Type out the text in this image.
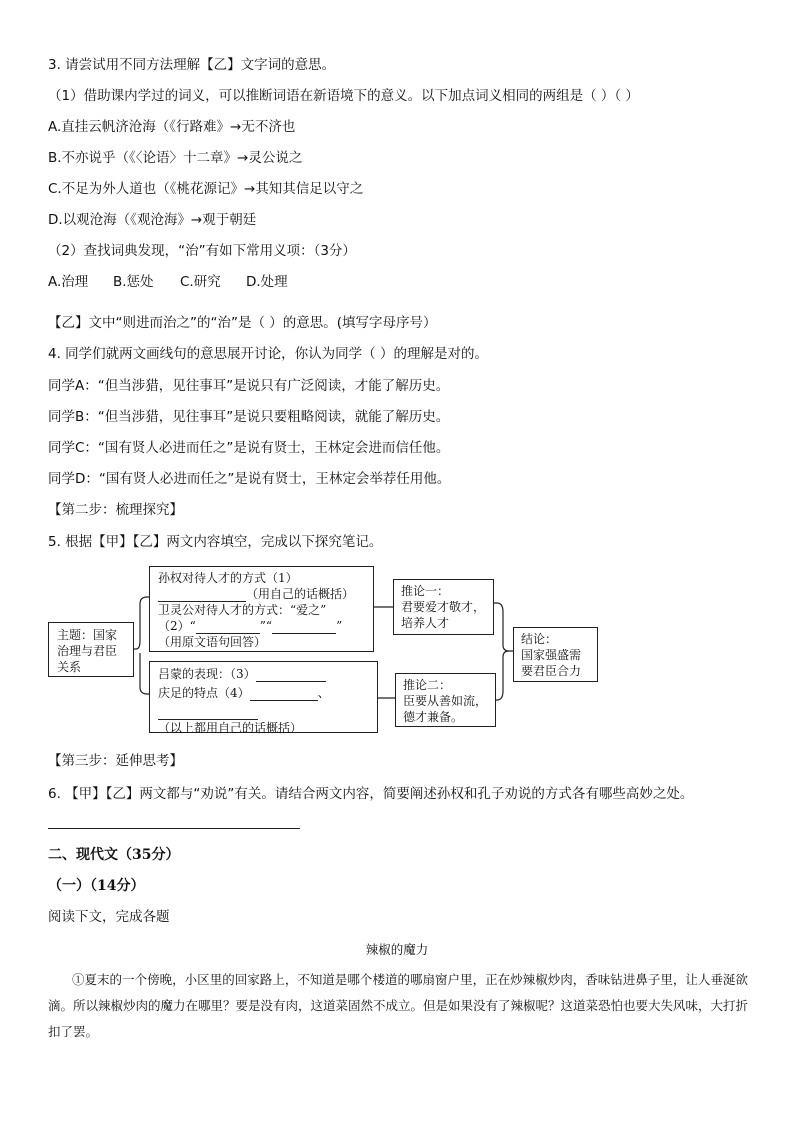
3. 请尝试用不同方法理解【乙】文字词的意思。
（1）借助课内学过的词义，可以推断词语在新语境下的意义。以下加点词义相同的两组是（ ）（ ）
A.直挂云帆济沧海（《行路难》→无不济也
B.不亦说乎（《〈论语〉十二章》→灵公说之
C.不足为外人道也（《桃花源记》→其知其信足以守之
D.以观沧海（《观沧海》→观于朝廷
（2）查找词典发现，“治”有如下常用义项：（3分）
A.治理 B.惩处 C.研究 D.处理
【乙】文中“则进而治之”的“治”是（ ）的意思。(填写字母序号）
4. 同学们就两文画线句的意思展开讨论，你认为同学（ ）的理解是对的。
同学A：“但当涉猎，见往事耳”是说只有广泛阅读，才能了解历史。
同学B：“但当涉猎，见往事耳”是说只要粗略阅读，就能了解历史。
同学C：“国有贤人必进而任之”是说有贤士，王林定会进而信任他。
同学D：“国有贤人必进而任之”是说有贤士，王林定会举荐任用他。
【第二步：梳理探究】
5. 根据【甲】【乙】两文内容填空，完成以下探究笔记。
主题：国家
治理与君臣
关系
孙权对待人才的方式（1）
（用自己的话概括）
卫灵公对待人才的方式：“爱之”
（2）“	”“	”
（用原文语句回答）
推论一：
君要爱才敬才，
培养人才
结论：
国家强盛需
要君臣合力
吕蒙的表现：（3）
庆足的特点（4）	、
（以上都用自己的话概括）
推论二：
臣要从善如流，
德才兼备。
【第三步：延伸思考】
6. 【甲】【乙】两文都与“劝说”有关。请结合两文内容，简要阐述孙权和孔子劝说的方式各有哪些高妙之处。
二、现代文（35分）
（一）（14分）
阅读下文，完成各题
辣椒的魔力
①夏末的一个傍晚，小区里的回家路上，不知道是哪个楼道的哪扇窗户里，正在炒辣椒炒肉，香味钻进鼻子里，让人垂涎欲滴。所以辣椒炒肉的魔力在哪里？要是没有肉，这道菜固然不成立。但是如果没有了辣椒呢？这道菜恐怕也要大失风味，大打折扣了罢。
